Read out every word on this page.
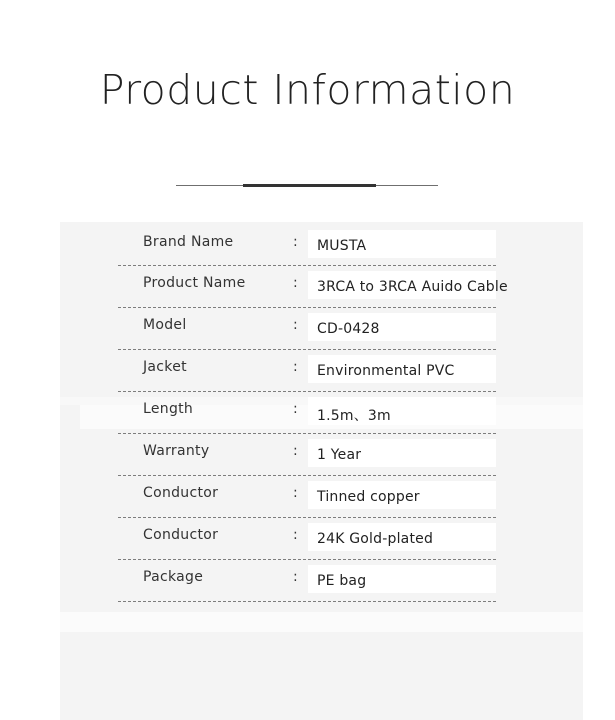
Product Information
Brand Name	:	MUSTA
Product Name	:	3RCA to 3RCA Auido Cable
Model	:	CD-0428
Jacket	:	Environmental PVC
Length	:	1.5m、3m
Warranty	:	1 Year
Conductor	:	Tinned copper
Conductor	:	24K Gold-plated
Package	:	PE bag
